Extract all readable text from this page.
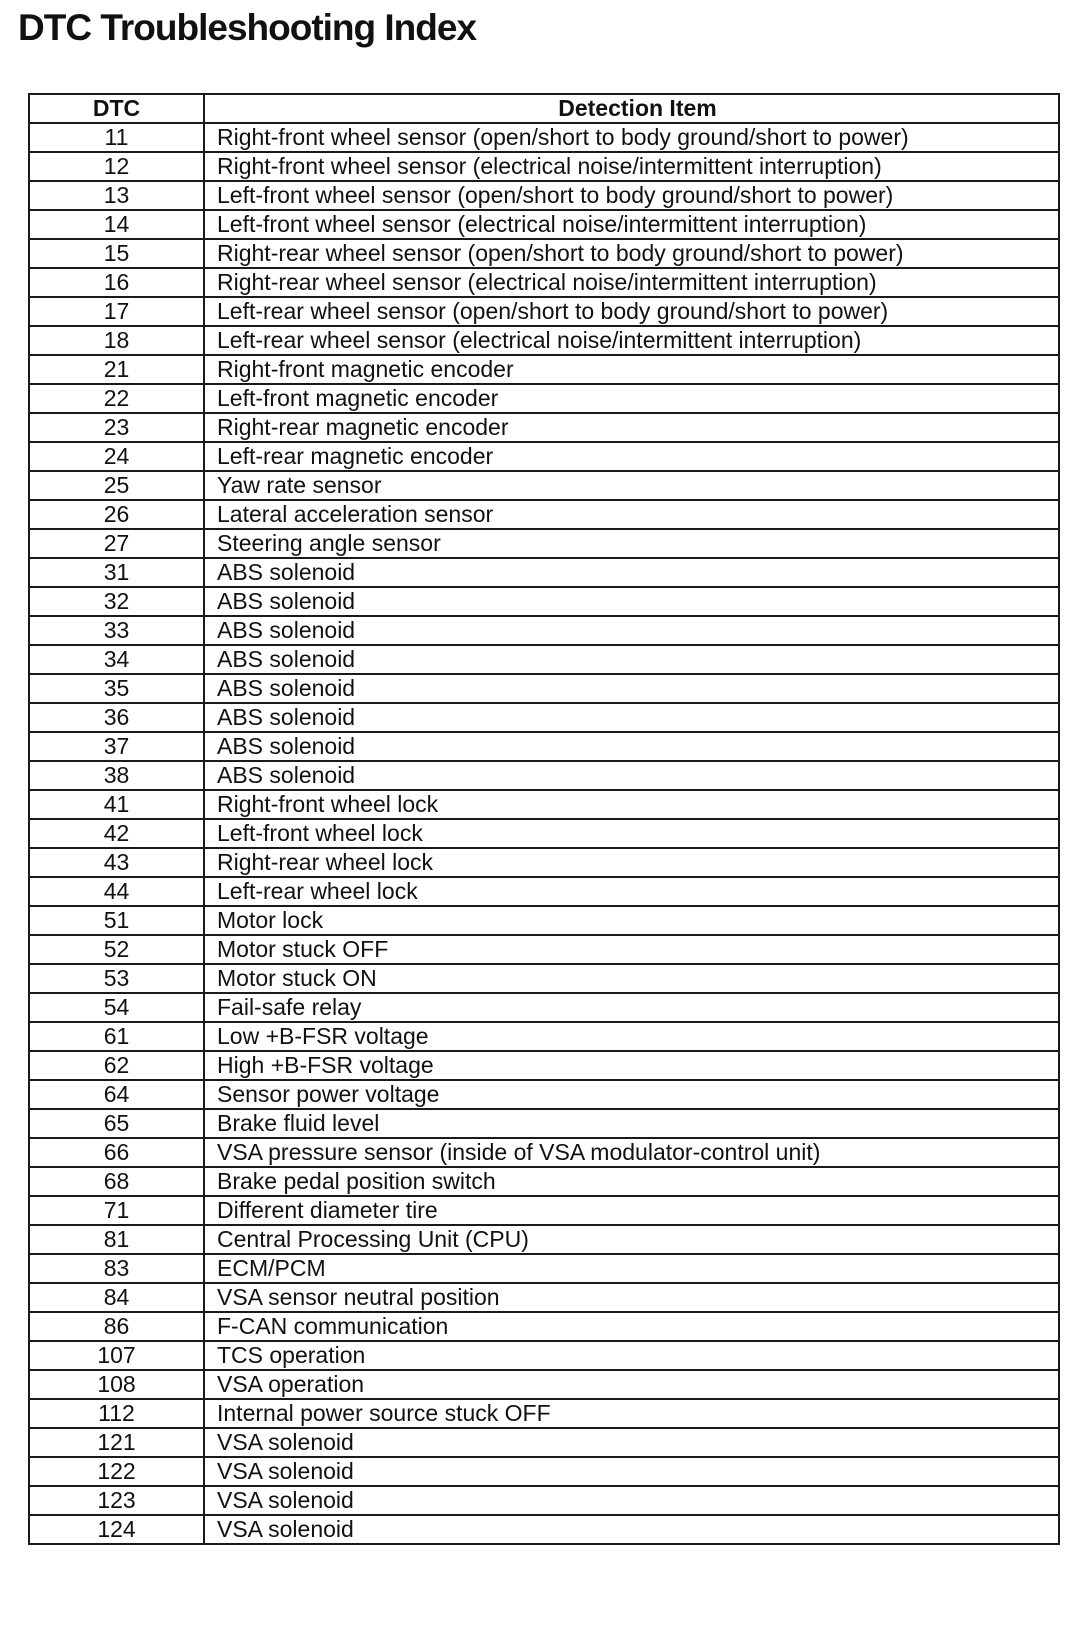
DTC Troubleshooting Index
DTC	Detection Item
11	Right-front wheel sensor (open/short to body ground/short to power)
12	Right-front wheel sensor (electrical noise/intermittent interruption)
13	Left-front wheel sensor (open/short to body ground/short to power)
14	Left-front wheel sensor (electrical noise/intermittent interruption)
15	Right-rear wheel sensor (open/short to body ground/short to power)
16	Right-rear wheel sensor (electrical noise/intermittent interruption)
17	Left-rear wheel sensor (open/short to body ground/short to power)
18	Left-rear wheel sensor (electrical noise/intermittent interruption)
21	Right-front magnetic encoder
22	Left-front magnetic encoder
23	Right-rear magnetic encoder
24	Left-rear magnetic encoder
25	Yaw rate sensor
26	Lateral acceleration sensor
27	Steering angle sensor
31	ABS solenoid
32	ABS solenoid
33	ABS solenoid
34	ABS solenoid
35	ABS solenoid
36	ABS solenoid
37	ABS solenoid
38	ABS solenoid
41	Right-front wheel lock
42	Left-front wheel lock
43	Right-rear wheel lock
44	Left-rear wheel lock
51	Motor lock
52	Motor stuck OFF
53	Motor stuck ON
54	Fail-safe relay
61	Low +B-FSR voltage
62	High +B-FSR voltage
64	Sensor power voltage
65	Brake fluid level
66	VSA pressure sensor (inside of VSA modulator-control unit)
68	Brake pedal position switch
71	Different diameter tire
81	Central Processing Unit (CPU)
83	ECM/PCM
84	VSA sensor neutral position
86	F-CAN communication
107	TCS operation
108	VSA operation
112	Internal power source stuck OFF
121	VSA solenoid
122	VSA solenoid
123	VSA solenoid
124	VSA solenoid
